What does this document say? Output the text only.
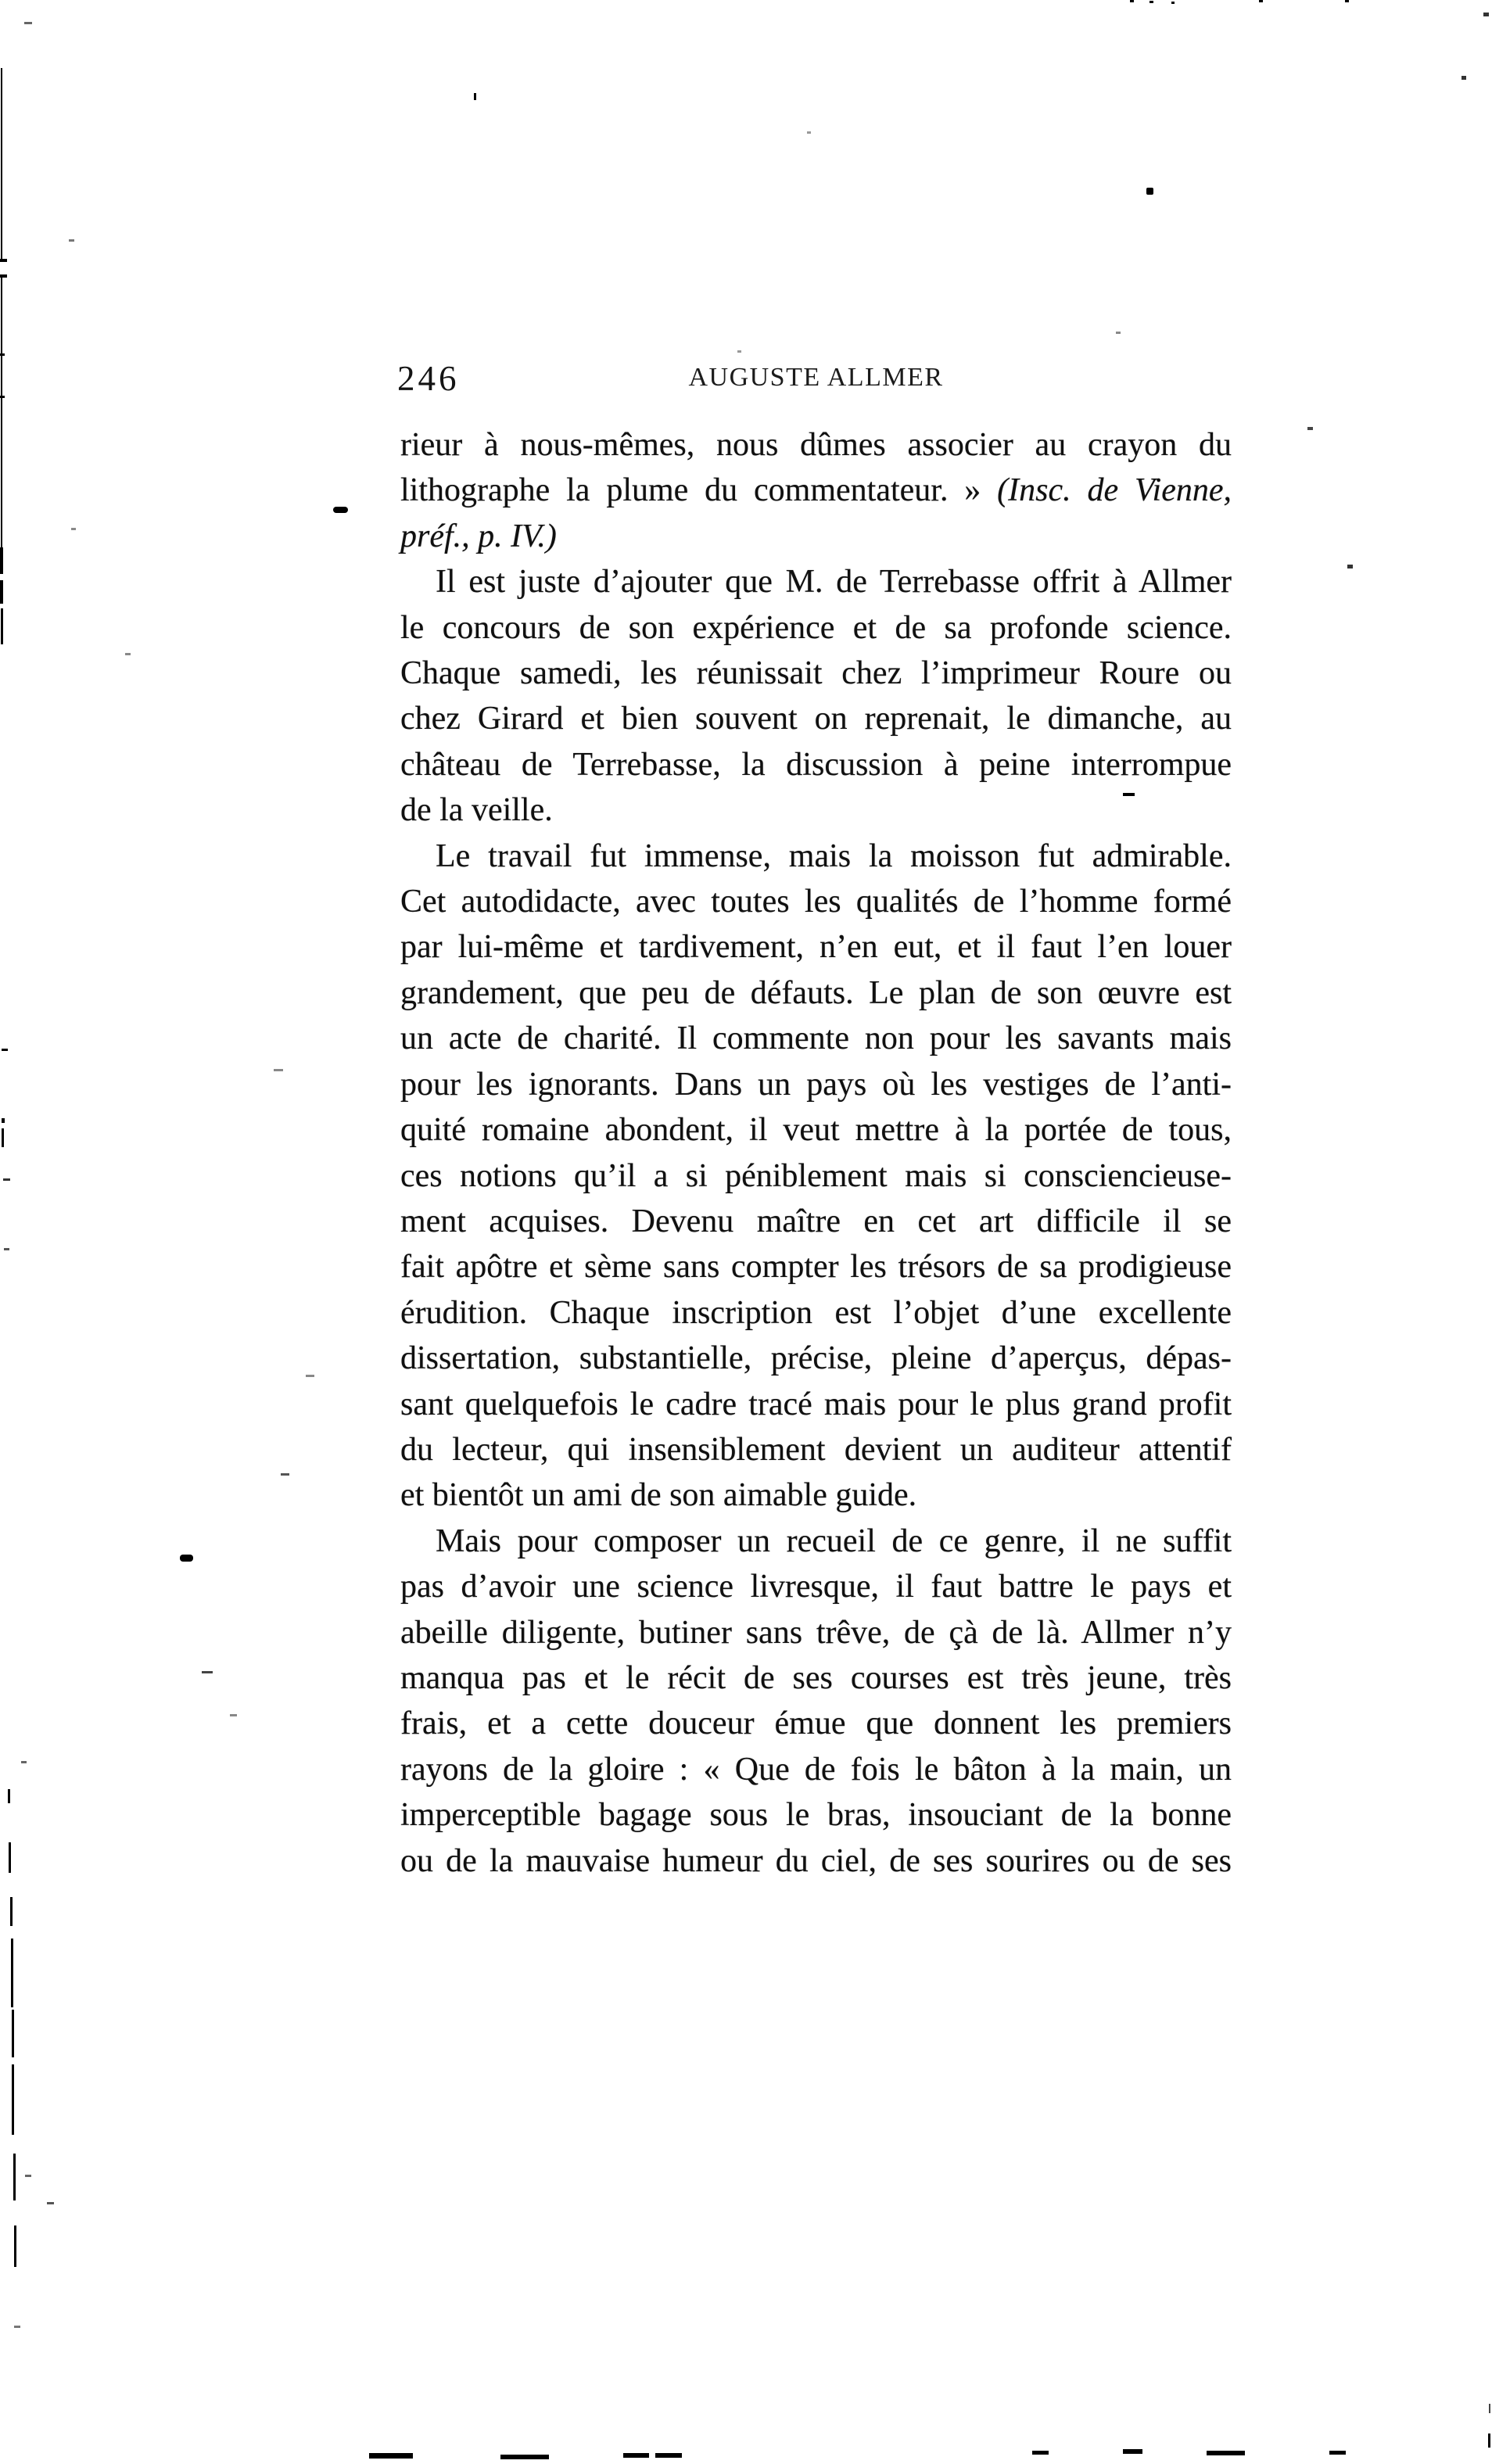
246	AUGUSTE ALLMER
rieur à nous-mêmes, nous dûmes associer au crayon du
lithographe la plume du commentateur. » (Insc. de Vienne,
préf., p. IV.)
Il est juste d’ajouter que M. de Terrebasse offrit à Allmer
le concours de son expérience et de sa profonde science.
Chaque samedi, les réunissait chez l’imprimeur Roure ou
chez Girard et bien souvent on reprenait, le dimanche, au
château de Terrebasse, la discussion à peine interrompue
de la veille.
Le travail fut immense, mais la moisson fut admirable.
Cet autodidacte, avec toutes les qualités de l’homme formé
par lui-même et tardivement, n’en eut, et il faut l’en louer
grandement, que peu de défauts. Le plan de son œuvre est
un acte de charité. Il commente non pour les savants mais
pour les ignorants. Dans un pays où les vestiges de l’anti-
quité romaine abondent, il veut mettre à la portée de tous,
ces notions qu’il a si péniblement mais si consciencieuse-
ment acquises. Devenu maître en cet art difficile il se
fait apôtre et sème sans compter les trésors de sa prodigieuse
érudition. Chaque inscription est l’objet d’une excellente
dissertation, substantielle, précise, pleine d’aperçus, dépas-
sant quelquefois le cadre tracé mais pour le plus grand profit
du lecteur, qui insensiblement devient un auditeur attentif
et bientôt un ami de son aimable guide.
Mais pour composer un recueil de ce genre, il ne suffit
pas d’avoir une science livresque, il faut battre le pays et
abeille diligente, butiner sans trêve, de çà de là. Allmer n’y
manqua pas et le récit de ses courses est très jeune, très
frais, et a cette douceur émue que donnent les premiers
rayons de la gloire : « Que de fois le bâton à la main, un
imperceptible bagage sous le bras, insouciant de la bonne
ou de la mauvaise humeur du ciel, de ses sourires ou de ses
